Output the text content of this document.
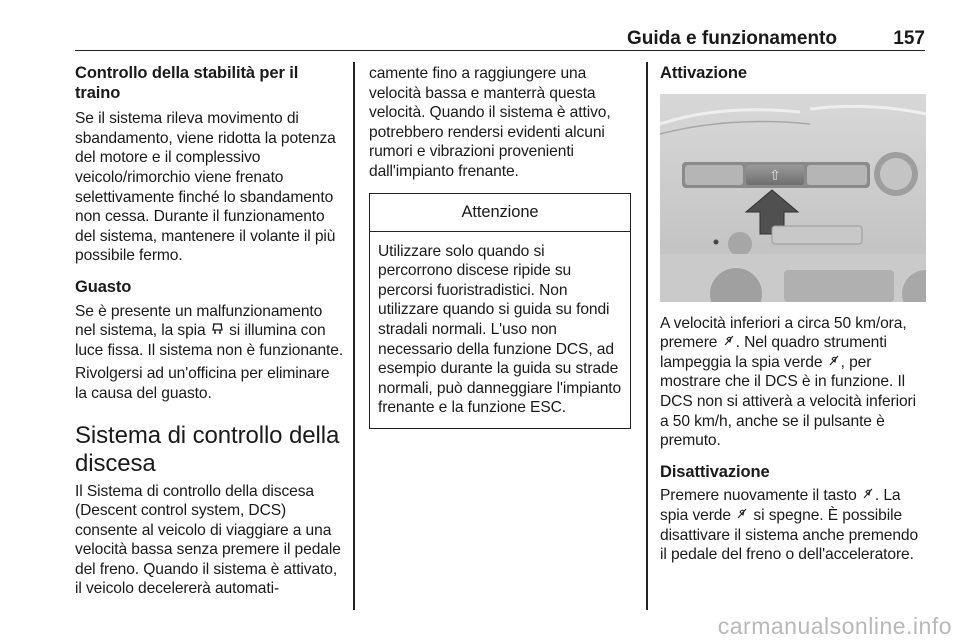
Guida e funzionamento	157
Controllo della stabilità per il traino

Se il sistema rileva movimento di sbandamento, viene ridotta la potenza del motore e il complessivo veicolo/rimorchio viene frenato selettivamente finché lo sbandamento non cessa. Durante il funzionamento del sistema, mantenere il volante il più possibile fermo.

Guasto

Se è presente un malfunzionamento nel sistema, la spia si illumina con luce fissa. Il sistema non è funzionante.

Rivolgersi ad un'officina per eliminare la causa del guasto.

Sistema di controllo della discesa

Il Sistema di controllo della discesa (Descent control system, DCS) consente al veicolo di viaggiare a una velocità bassa senza premere il pedale del freno. Quando il sistema è attivato, il veicolo decelererà automati-

camente fino a raggiungere una velocità bassa e manterrà questa velocità. Quando il sistema è attivo, potrebbero rendersi evidenti alcuni rumori e vibrazioni provenienti dall'impianto frenante.

Attenzione
Utilizzare solo quando si percorrono discese ripide su percorsi fuoristradistici. Non utilizzare quando si guida su fondi stradali normali. L'uso non necessario della funzione DCS, ad esempio durante la guida su strade normali, può danneggiare l'impianto frenante e la funzione ESC.
Attivazione
⇧

A velocità inferiori a circa 50 km/ora, premere . Nel quadro strumenti lampeggia la spia verde , per mostrare che il DCS è in funzione. Il DCS non si attiverà a velocità inferiori a 50 km/h, anche se il pulsante è premuto.

Disattivazione

Premere nuovamente il tasto . La spia verde si spegne. È possibile disattivare il sistema anche premendo il pedale del freno o dell'acceleratore.

carmanualsonline.info
